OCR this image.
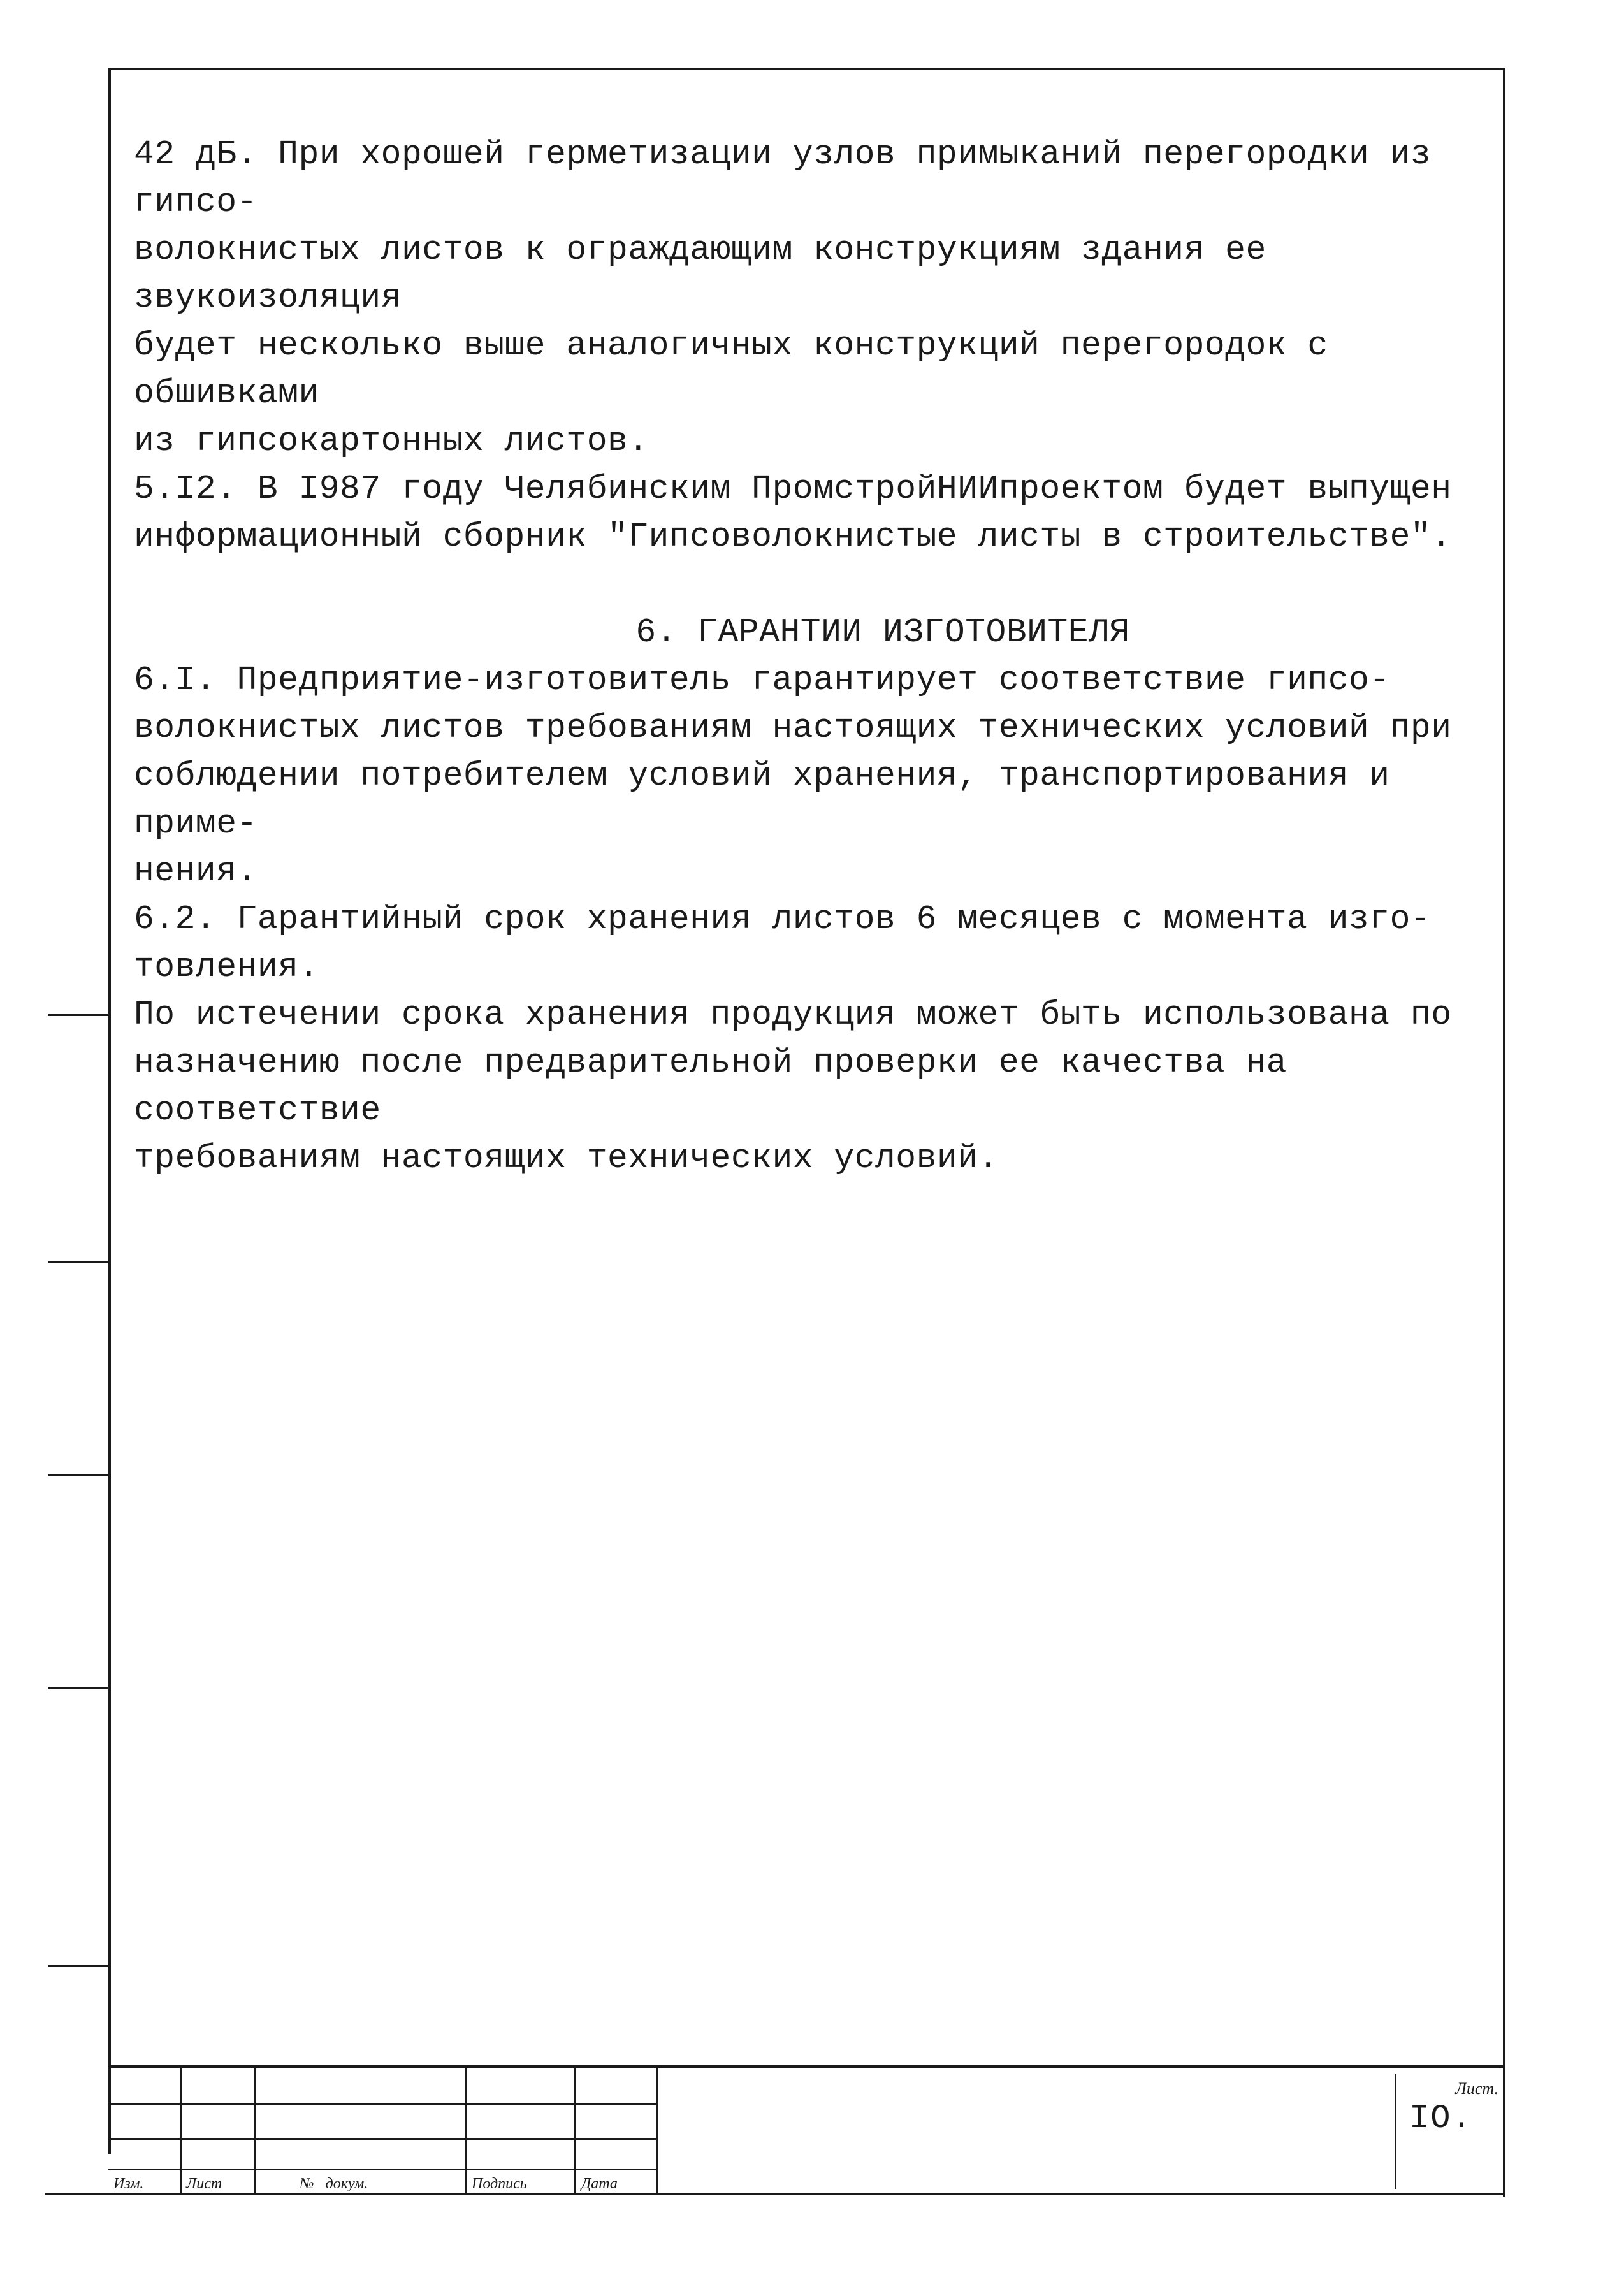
42 дБ. При хорошей герметизации узлов примыканий перегородки из гипсо-
волокнистых листов к ограждающим конструкциям здания ее звукоизоляция
будет несколько выше аналогичных конструкций перегородок с обшивками
из гипсокартонных листов.

5.I2. В I987 году Челябинским ПромстройНИИпроектом будет выпущен
информационный сборник "Гипсоволокнистые листы в строительстве".

6. ГАРАНТИИ ИЗГОТОВИТЕЛЯ

6.I. Предприятие-изготовитель гарантирует соответствие гипсо-
волокнистых листов требованиям настоящих технических условий при
соблюдении потребителем условий хранения, транспортирования и приме-
нения.

6.2. Гарантийный срок хранения листов 6 месяцев с момента изго-
товления.

По истечении срока хранения продукция может быть использована по
назначению после предварительной проверки ее качества на соответствие
требованиям настоящих технических условий.

Изм.	Лист	№   докум.	Подпись	Дата
Лист.
IO.
